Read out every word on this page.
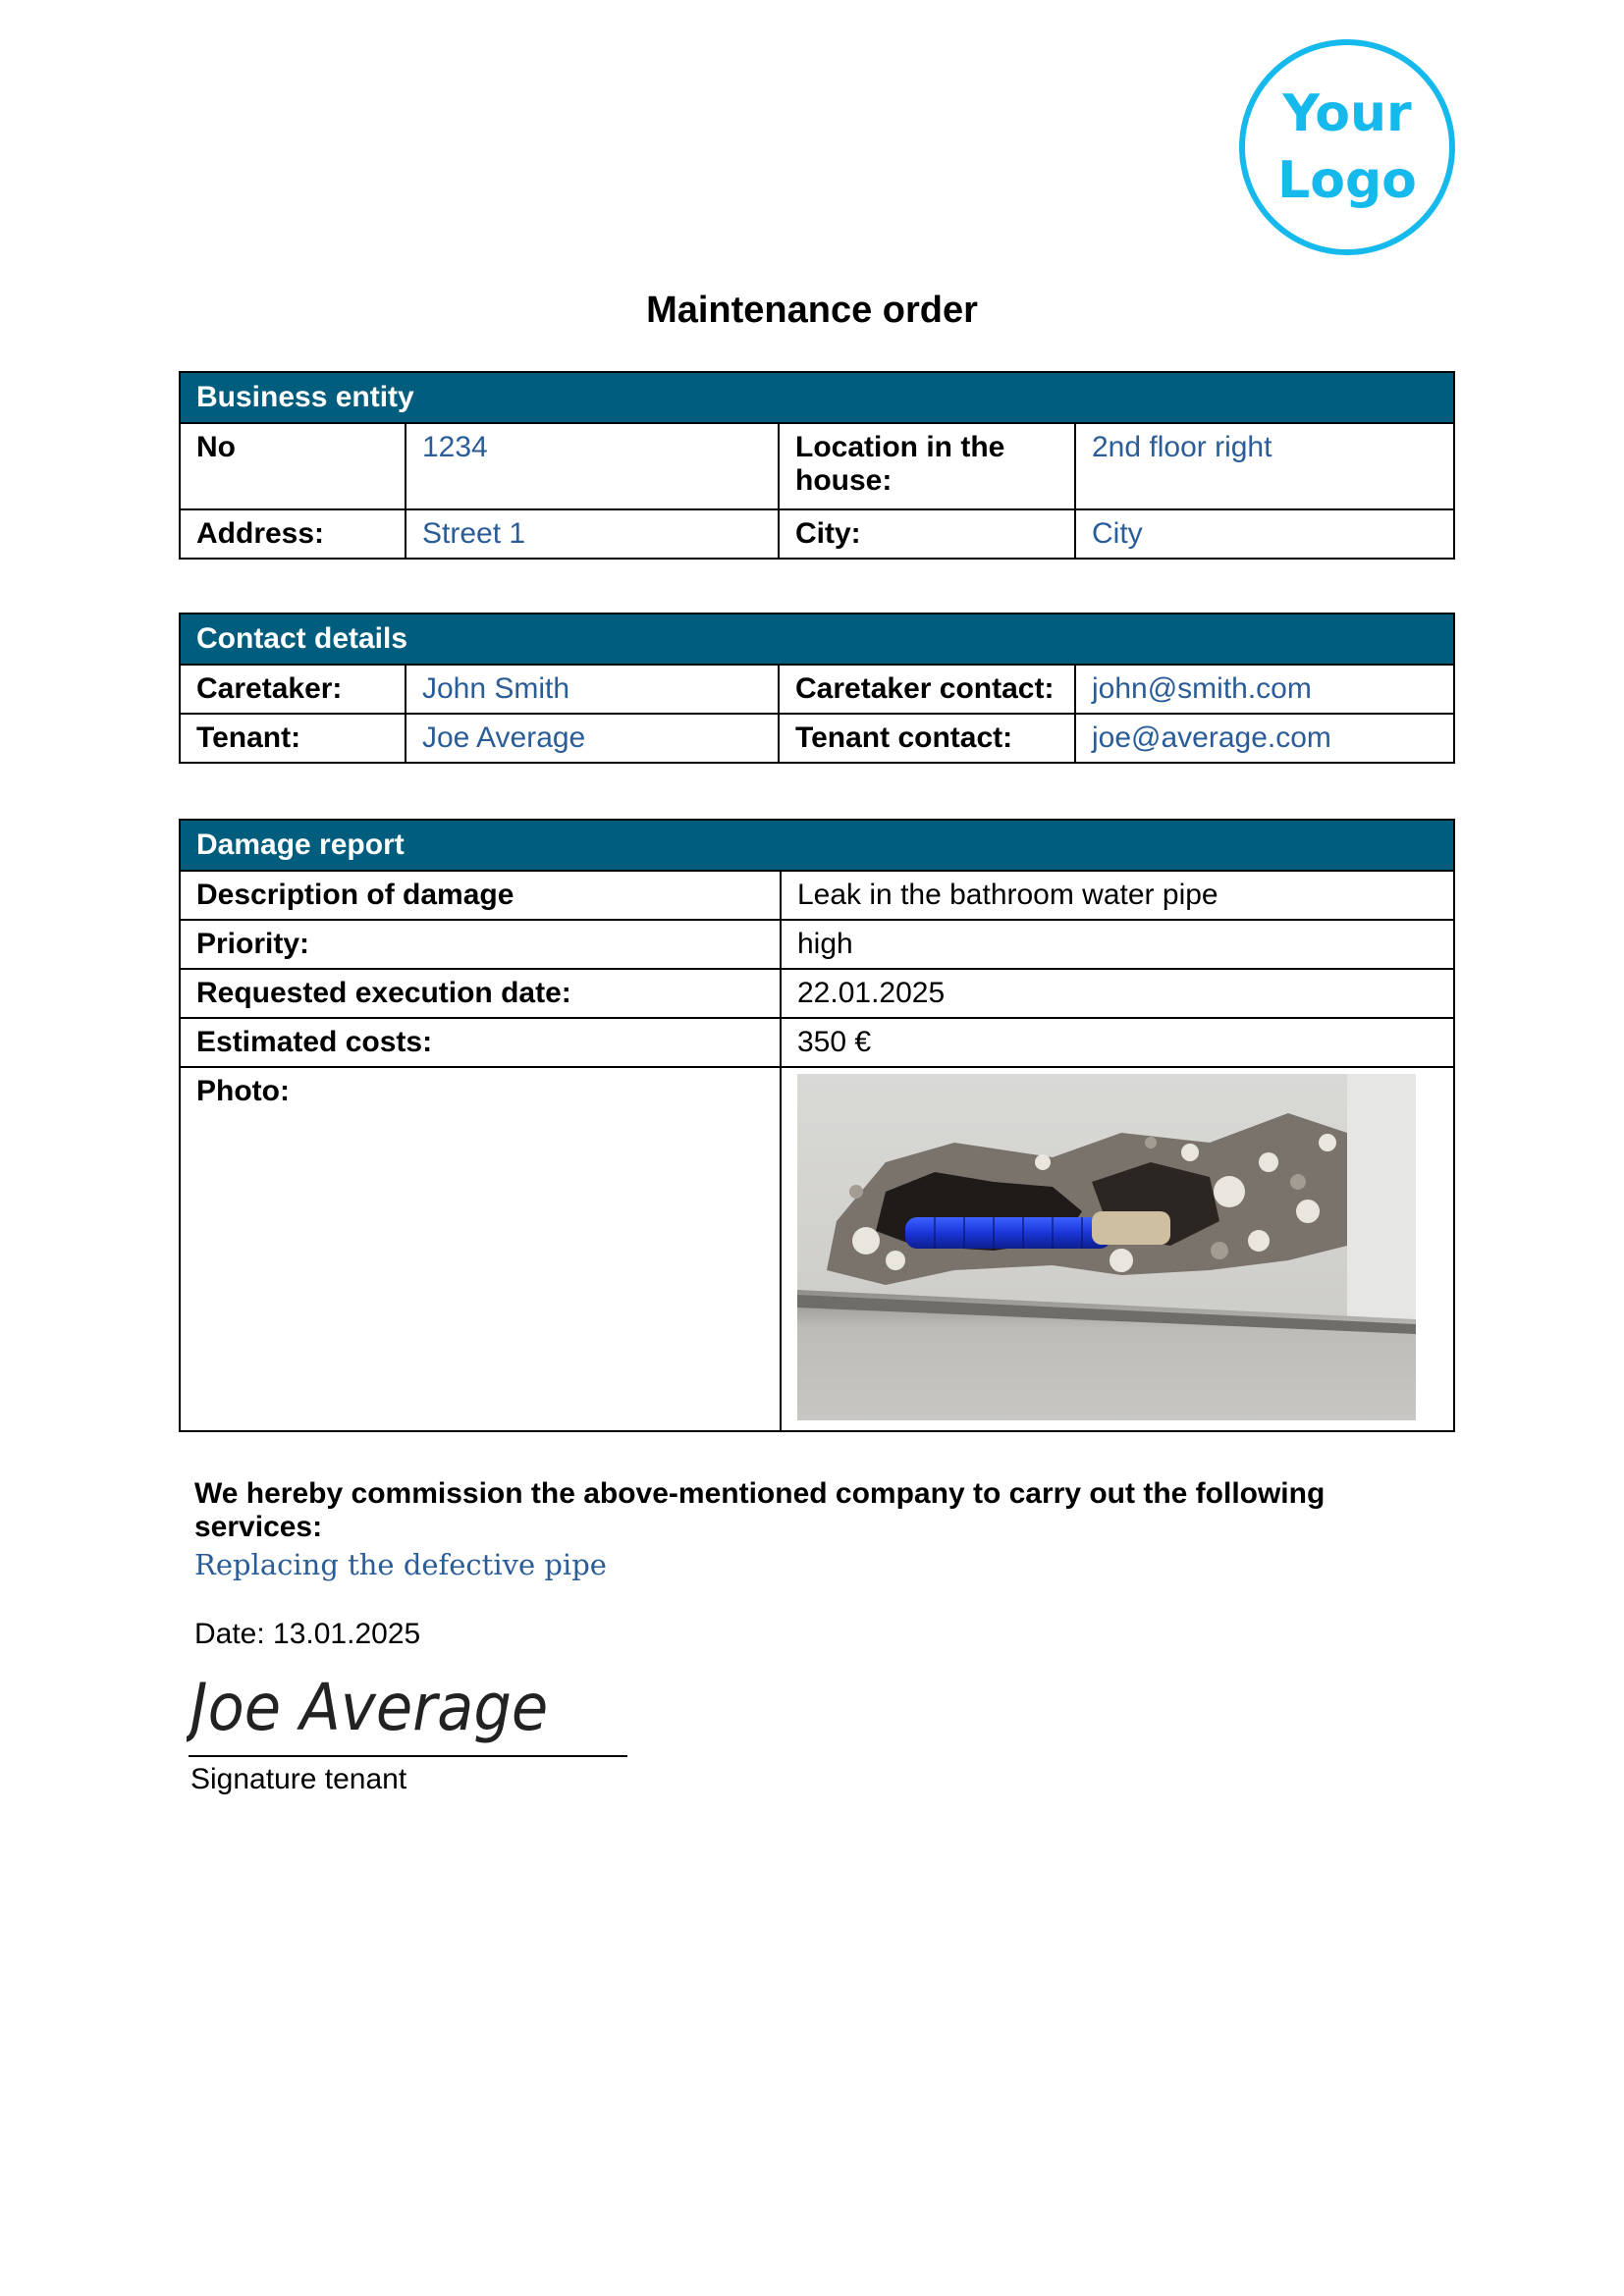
Your
Logo
Maintenance order
Business entity			
No	1234	Location in the house:	2nd floor right
Address:	Street 1	City:	City
Contact details			
Caretaker:	John Smith	Caretaker contact:	john@smith.com
Tenant:	Joe Average	Tenant contact:	joe@average.com
Damage report	
Description of damage	Leak in the bathroom water pipe
Priority:	high
Requested execution date:	22.01.2025
Estimated costs:	350 €
Photo:	
We hereby commission the above-mentioned company to carry out the following services:
Replacing the defective pipe
Date: 13.01.2025
Joe Average
Signature tenant
